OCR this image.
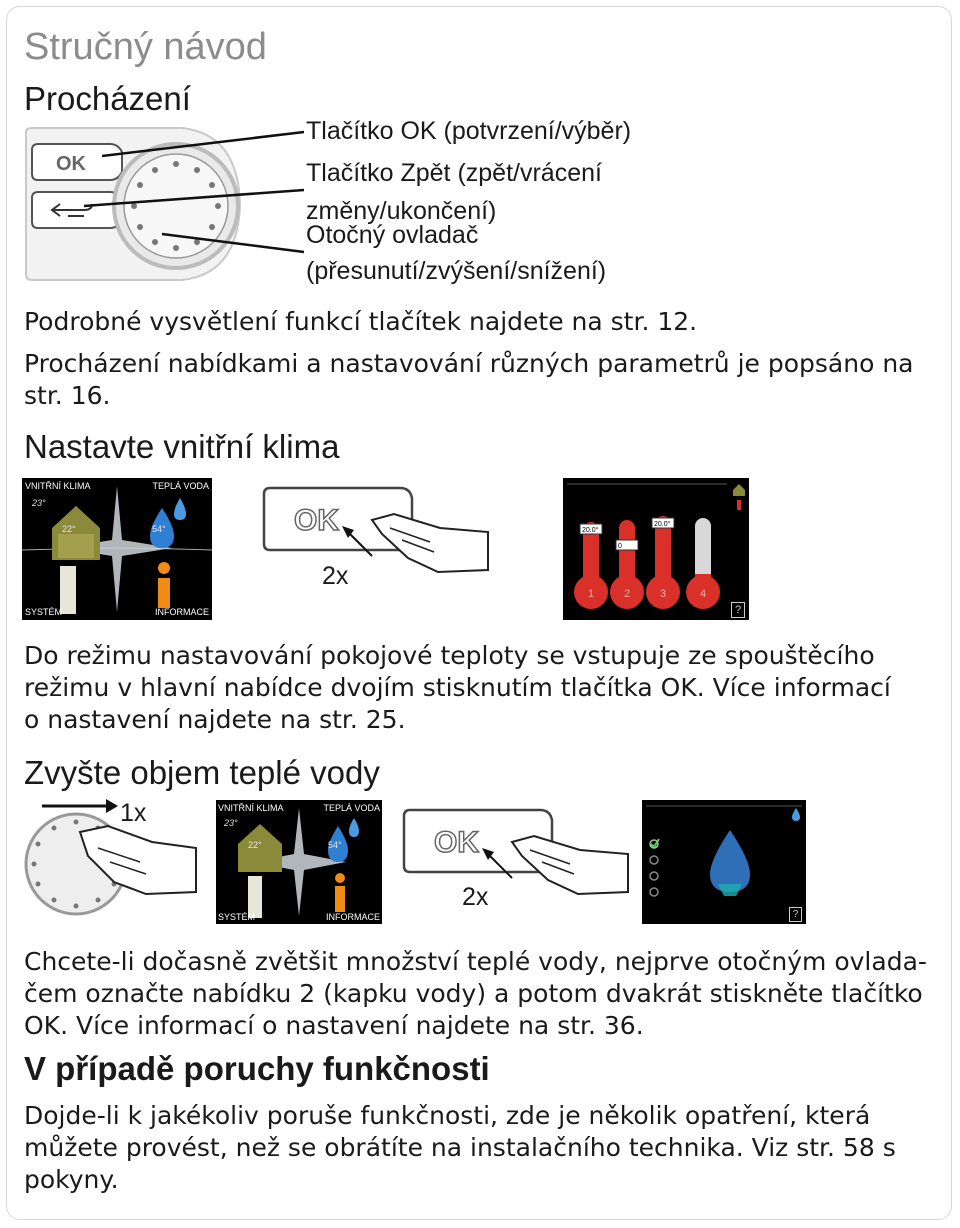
Stručný návod
Procházení
OK
Tlačítko OK (potvrzení/výběr)
Tlačítko Zpět (zpět/vrácení
změny/ukončení)
Otočný ovladač
(přesunutí/zvýšení/snížení)

Podrobné vysvětlení funkcí tlačítek najdete na str. 12.

Procházení nabídkami a nastavování různých parametrů je popsáno na

str. 16.

Nastavte vnitřní klima
VNITŘNÍ KLIMA	TEPLÁ VODA
SYSTÉM	INFORMACE
23°
22°	54°	OK
2x
1
20.0°
2
0
3
20.0°
4
?

Do režimu nastavování pokojové teploty se vstupuje ze spouštěcího

režimu v hlavní nabídce dvojím stisknutím tlačítka OK. Více informací

o nastavení najdete na str. 25.

Zvyšte objem teplé vody
1x	VNITŘNÍ KLIMA	TEPLÁ VODA
SYSTÉM	INFORMACE
23°
22°	54°	OK
2x
?

Chcete-li dočasně zvětšit množství teplé vody, nejprve otočným ovlada-

čem označte nabídku 2 (kapku vody) a potom dvakrát stiskněte tlačítko

OK. Více informací o nastavení najdete na str. 36.

V případě poruchy funkčnosti

Dojde-li k jakékoliv poruše funkčnosti, zde je několik opatření, která

můžete provést, než se obrátíte na instalačního technika. Viz str. 58 s

pokyny.
